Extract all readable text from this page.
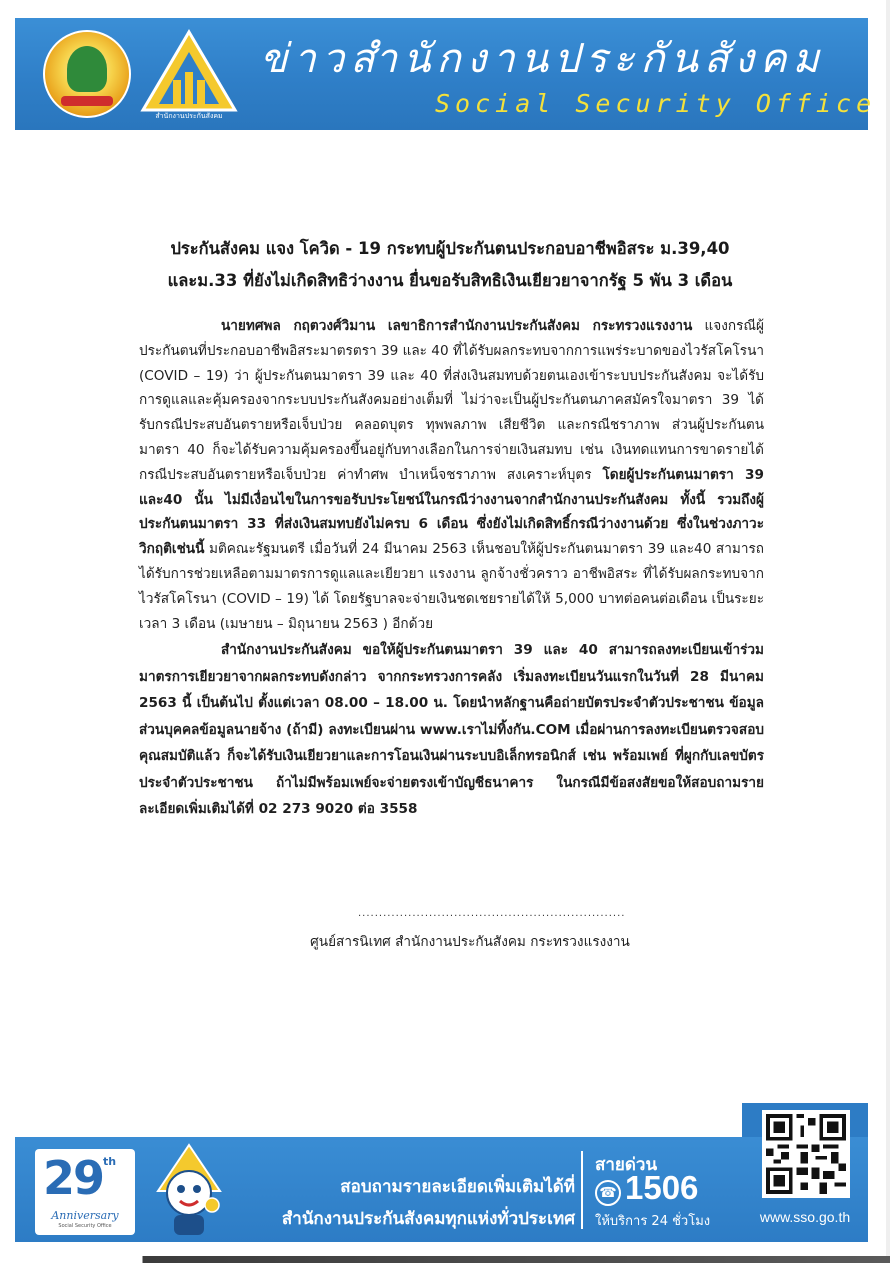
สำนักงานประกันสังคม
ข่าวสำนักงานประกันสังคม
Social Security Office
ประกันสังคม แจง โควิด - 19 กระทบผู้ประกันตนประกอบอาชีพอิสระ ม.39,40
และม.33 ที่ยังไม่เกิดสิทธิว่างงาน ยื่นขอรับสิทธิเงินเยียวยาจากรัฐ 5 พัน 3 เดือน

นายทศพล กฤตวงศ์วิมาน เลขาธิการสำนักงานประกันสังคม กระทรวงแรงงาน แจงกรณีผู้ประกันตนที่ประกอบอาชีพอิสระมาตรตรา 39 และ 40 ที่ได้รับผลกระทบจากการแพร่ระบาดของไวรัสโคโรนา (COVID – 19) ว่า ผู้ประกันตนมาตรา 39 และ 40 ที่ส่งเงินสมทบด้วยตนเองเข้าระบบประกันสังคม จะได้รับการดูแลและคุ้มครองจากระบบประกันสังคมอย่างเต็มที่ ไม่ว่าจะเป็นผู้ประกันตนภาคสมัครใจมาตรา 39 ได้รับกรณีประสบอันตรายหรือเจ็บป่วย คลอดบุตร ทุพพลภาพ เสียชีวิต และกรณีชราภาพ ส่วนผู้ประกันตนมาตรา 40 ก็จะได้รับความคุ้มครองขึ้นอยู่กับทางเลือกในการจ่ายเงินสมทบ เช่น เงินทดแทนการขาดรายได้ กรณีประสบอันตรายหรือเจ็บป่วย ค่าทำศพ บำเหน็จชราภาพ สงเคราะห์บุตร โดยผู้ประกันตนมาตรา 39 และ40 นั้น ไม่มีเงื่อนไขในการขอรับประโยชน์ในกรณีว่างงานจากสำนักงานประกันสังคม ทั้งนี้ รวมถึงผู้ประกันตนมาตรา 33 ที่ส่งเงินสมทบยังไม่ครบ 6 เดือน ซึ่งยังไม่เกิดสิทธิ์กรณีว่างงานด้วย ซึ่งในช่วงภาวะวิกฤติเช่นนี้ มติคณะรัฐมนตรี เมื่อวันที่ 24 มีนาคม 2563 เห็นชอบให้ผู้ประกันตนมาตรา 39 และ40 สามารถได้รับการช่วยเหลือตามมาตรการดูแลและเยียวยา แรงงาน ลูกจ้างชั่วคราว อาชีพอิสระ ที่ได้รับผลกระทบจากไวรัสโคโรนา (COVID – 19) ได้ โดยรัฐบาลจะจ่ายเงินชดเชยรายได้ให้ 5,000 บาทต่อคนต่อเดือน เป็นระยะเวลา 3 เดือน (เมษายน – มิถุนายน 2563 ) อีกด้วย

สำนักงานประกันสังคม ขอให้ผู้ประกันตนมาตรา 39 และ 40 สามารถลงทะเบียนเข้าร่วมมาตรการเยียวยาจากผลกระทบดังกล่าว จากกระทรวงการคลัง เริ่มลงทะเบียนวันแรกในวันที่ 28 มีนาคม 2563 นี้ เป็นต้นไป ตั้งแต่เวลา 08.00 – 18.00 น. โดยนำหลักฐานคือถ่ายบัตรประจำตัวประชาชน ข้อมูลส่วนบุคคลข้อมูลนายจ้าง (ถ้ามี) ลงทะเบียนผ่าน www.เราไม่ทิ้งกัน.COM เมื่อผ่านการลงทะเบียนตรวจสอบคุณสมบัติแล้ว ก็จะได้รับเงินเยียวยาและการโอนเงินผ่านระบบอิเล็กทรอนิกส์ เช่น พร้อมเพย์ ที่ผูกกับเลขบัตรประจำตัวประชาชน ถ้าไม่มีพร้อมเพย์จะจ่ายตรงเข้าบัญชีธนาคาร ในกรณีมีข้อสงสัยขอให้สอบถามรายละเอียดเพิ่มเติมได้ที่ 02 273 9020 ต่อ 3558

................................................................
ศูนย์สารนิเทศ สำนักงานประกันสังคม กระทรวงแรงงาน
29 th
Anniversary
Social Security Office
สอบถามรายละเอียดเพิ่มเติมได้ที่
สำนักงานประกันสังคมทุกแห่งทั่วประเทศ
สายด่วน
☎ 1506
ให้บริการ 24 ชั่วโมง	www.sso.go.th
